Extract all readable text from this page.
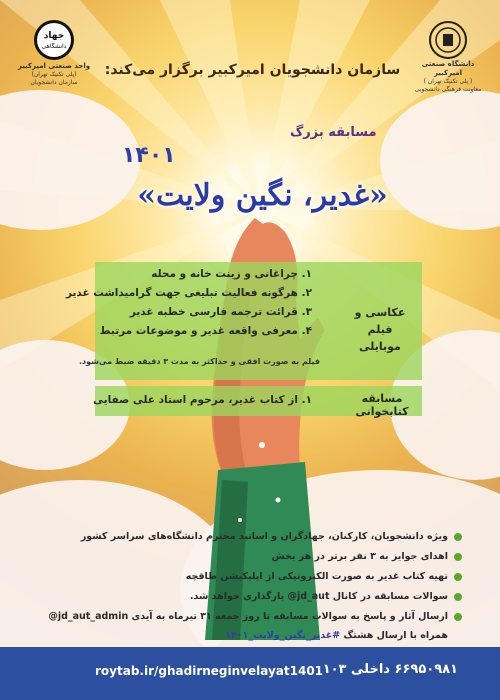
دانشگاه صنعتی امیرکبیر
( پلی تکنیک تهران )
معاونت فرهنگی دانشجویی
جهاد
دانشگاهی
واحد صنعتی امیرکبیر
(پلی تکنیک تهران)
سازمان دانشجویان
سازمان دانشجویان امیرکبیر برگزار می‌کند:
مسابقه بزرگ
۱۴۰۱
«غدیر، نگین ولایت»
۱. چراغانی و زینت خانه و محله
۲. هرگونه فعالیت تبلیغی جهت گرامیداشت غدیر
۳. قرائت ترجمه فارسی خطبه غدیر
۴. معرفی واقعه غدیر و موضوعات مرتبط
فیلم به صورت افقی و حداکثر به مدت ۳ دقیقه ضبط می‌شود.
عکاسی و
فیلم موبایلی
مسابقه کتابخوانی
۱. از کتاب غدیر، مرحوم استاد علی صفایی
ویژه دانشجویان، کارکنان، جهادگران و اساتید محترم دانشگاه‌های سراسر کشور
اهدای جوایز به ۳ نفر برتر در هر بخش
تهیه کتاب غدیر به صورت الکترونیکی از اپلیکیشن طاقچه
سوالات مسابقه در کانال jd_aut@ بارگذاری خواهد شد.
ارسال آثار و پاسخ به سوالات مسابقه تا روز جمعه ۳۱ تیرماه به آیدی jd_aut_admin@
همراه با ارسال هشتگ #غدیر_نگین_ولایت_۱۴۰۱
roytab.ir/ghadirneginvelayat1401 ۶۶۹۵۰۹۸۱ داخلی ۱۰۳
